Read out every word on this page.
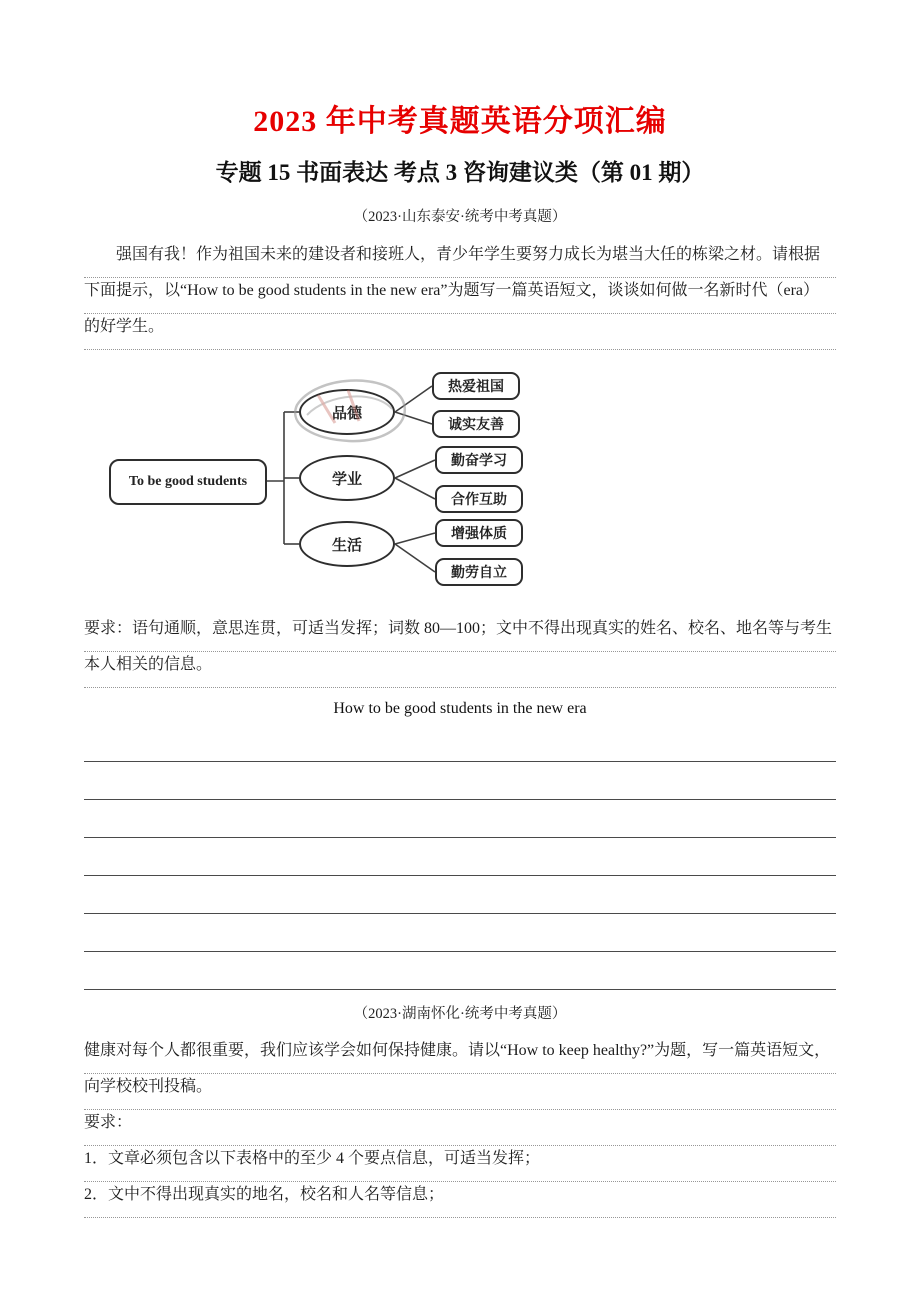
2023 年中考真题英语分项汇编
专题 15 书面表达 考点 3 咨询建议类（第 01 期）
（2023·山东泰安·统考中考真题）
强国有我！作为祖国未来的建设者和接班人，青少年学生要努力成长为堪当大任的栋梁之材。请根据
下面提示，以“How to be good students in the new era”为题写一篇英语短文，谈谈如何做一名新时代（era）
的好学生。
To be good students
品德
学业
生活
热爱祖国
诚实友善
勤奋学习
合作互助
增强体质
勤劳自立
要求：语句通顺，意思连贯，可适当发挥；词数 80—100；文中不得出现真实的姓名、校名、地名等与考生
本人相关的信息。
How to be good students in the new era
（2023·湖南怀化·统考中考真题）
健康对每个人都很重要，我们应该学会如何保持健康。请以“How to keep healthy?”为题，写一篇英语短文，
向学校校刊投稿。
要求：
1．文章必须包含以下表格中的至少 4 个要点信息，可适当发挥；
2．文中不得出现真实的地名，校名和人名等信息；
